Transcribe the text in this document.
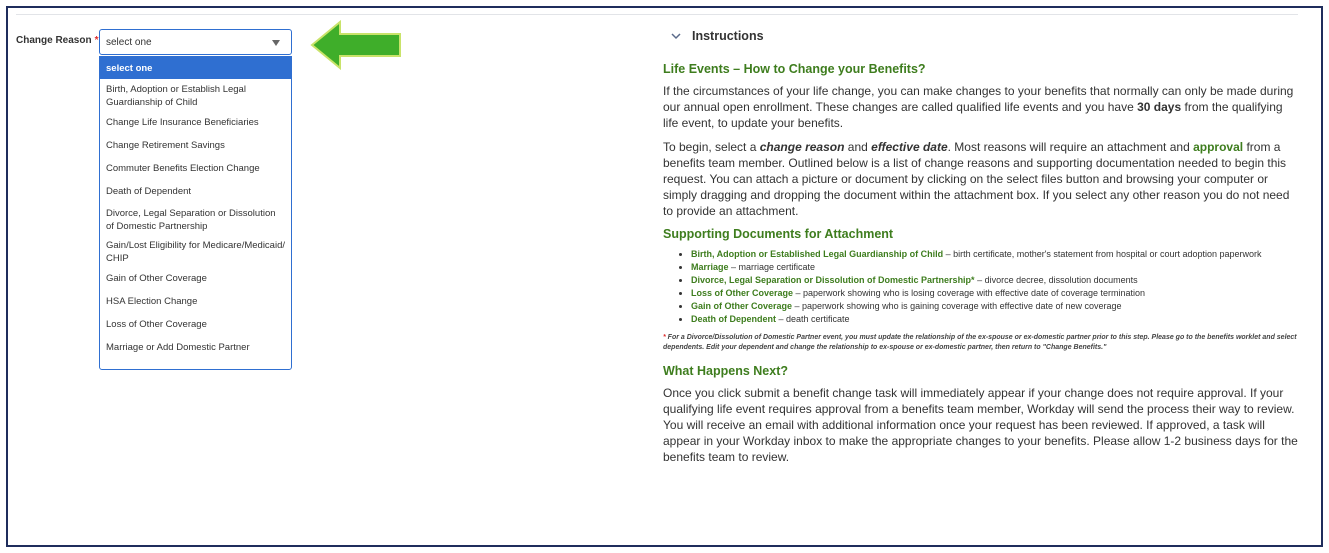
Change Reason * select one
select one
Birth, Adoption or Establish Legal Guardianship of Child
Change Life Insurance Beneficiaries
Change Retirement Savings
Commuter Benefits Election Change
Death of Dependent
Divorce, Legal Separation or Dissolution of Domestic Partnership
Gain/Lost Eligibility for Medicare/Medicaid/CHIP
Gain of Other Coverage
HSA Election Change
Loss of Other Coverage
Marriage or Add Domestic Partner
Instructions
Life Events – How to Change your Benefits?

If the circumstances of your life change, you can make changes to your benefits that normally can only be made during our annual open enrollment. These changes are called qualified life events and you have 30 days from the qualifying life event, to update your benefits.

To begin, select a change reason and effective date. Most reasons will require an attachment and approval from a benefits team member. Outlined below is a list of change reasons and supporting documentation needed to begin this request. You can attach a picture or document by clicking on the select files button and browsing your computer or simply dragging and dropping the document within the attachment box. If you select any other reason you do not need to provide an attachment.

Supporting Documents for Attachment
• Birth, Adoption or Established Legal Guardianship of Child – birth certificate, mother's statement from hospital or court adoption paperwork
• Marriage – marriage certificate
• Divorce, Legal Separation or Dissolution of Domestic Partnership* – divorce decree, dissolution documents
• Loss of Other Coverage – paperwork showing who is losing coverage with effective date of coverage termination
• Gain of Other Coverage – paperwork showing who is gaining coverage with effective date of new coverage
• Death of Dependent – death certificate

* For a Divorce/Dissolution of Domestic Partner event, you must update the relationship of the ex-spouse or ex-domestic partner prior to this step. Please go to the benefits worklet and select dependents. Edit your dependent and change the relationship to ex-spouse or ex-domestic partner, then return to "Change Benefits."

What Happens Next?

Once you click submit a benefit change task will immediately appear if your change does not require approval. If your qualifying life event requires approval from a benefits team member, Workday will send the process their way to review. You will receive an email with additional information once your request has been reviewed. If approved, a task will appear in your Workday inbox to make the appropriate changes to your benefits. Please allow 1-2 business days for the benefits team to review.
